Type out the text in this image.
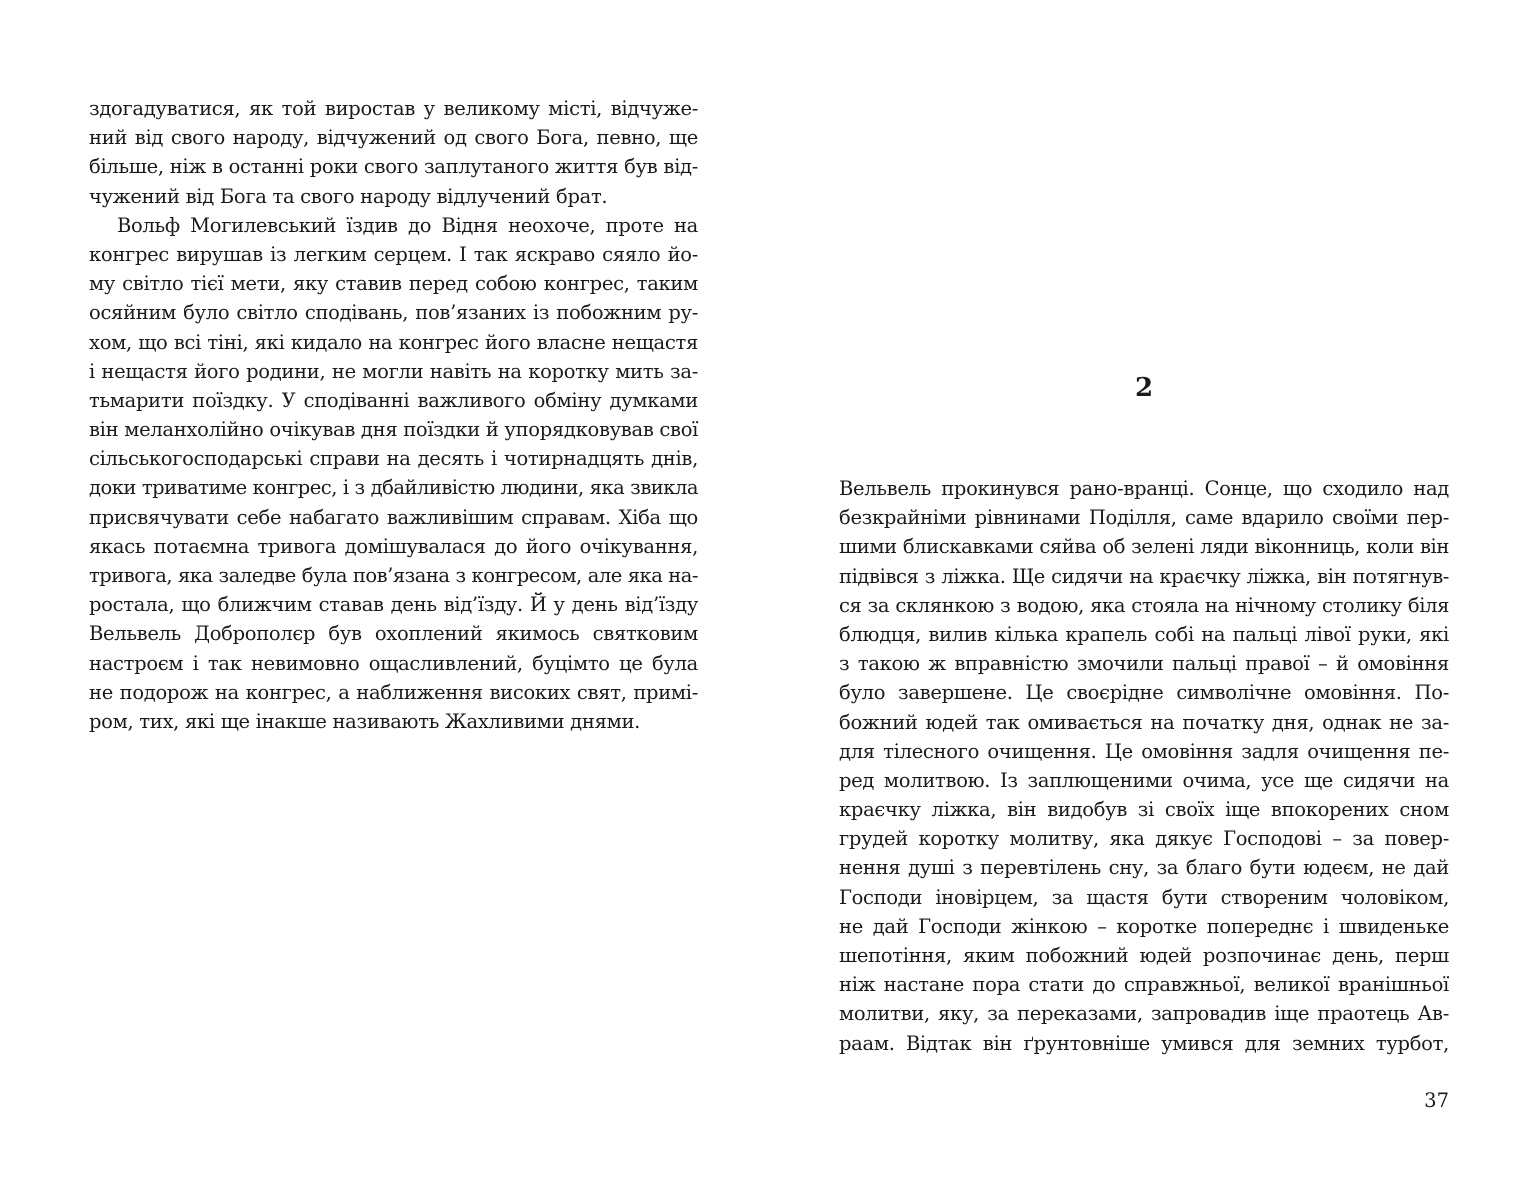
здогадуватися, як той виростав у великому місті, відчуже-
ний від свого народу, відчужений од свого Бога, певно, ще
більше, ніж в останні роки свого заплутаного життя був від-
чужений від Бога та свого народу відлучений брат.
Вольф Могилевський їздив до Відня неохоче, проте на
конгрес вирушав із легким серцем. І так яскраво сяяло йо-
му світло тієї мети, яку ставив перед собою конгрес, таким
осяйним було світло сподівань, пов’язаних із побожним ру-
хом, що всі тіні, які кидало на конгрес його власне нещастя
і нещастя його родини, не могли навіть на коротку мить за-
тьмарити поїздку. У сподіванні важливого обміну думками
він меланхолійно очікував дня поїздки й упорядковував свої
сільськогосподарські справи на десять і чотирнадцять днів,
доки триватиме конгрес, і з дбайливістю людини, яка звикла
присвячувати себе набагато важливішим справам. Хіба що
якась потаємна тривога домішувалася до його очікування,
тривога, яка заледве була пов’язана з конгресом, але яка на-
ростала, що ближчим ставав день від’їзду. Й у день від’їзду
Вельвель Доброполєр був охоплений якимось святковим
настроєм і так невимовно ощасливлений, буцімто це була
не подорож на конгрес, а наближення високих свят, примі-
ром, тих, які ще інакше називають Жахливими днями.
2
Вельвель прокинувся рано-вранці. Сонце, що сходило над
безкрайніми рівнинами Поділля, саме вдарило своїми пер-
шими блискавками сяйва об зелені ляди віконниць, коли він
підвівся з ліжка. Ще сидячи на краєчку ліжка, він потягнув-
ся за склянкою з водою, яка стояла на нічному столику біля
блюдця, вилив кілька крапель собі на пальці лівої руки, які
з такою ж вправністю змочили пальці правої – й омовіння
було завершене. Це своєрідне символічне омовіння. По-
божний юдей так омивається на початку дня, однак не за-
для тілесного очищення. Це омовіння задля очищення пе-
ред молитвою. Із заплющеними очима, усе ще сидячи на
краєчку ліжка, він видобув зі своїх іще впокорених сном
грудей коротку молитву, яка дякує Господові – за повер-
нення душі з перевтілень сну, за благо бути юдеєм, не дай
Господи іновірцем, за щастя бути створеним чоловіком,
не дай Господи жінкою – коротке попереднє і швиденьке
шепотіння, яким побожний юдей розпочинає день, перш
ніж настане пора стати до справжньої, великої вранішньої
молитви, яку, за переказами, запровадив іще праотець Ав-
раам. Відтак він ґрунтовніше умився для земних турбот,
37
